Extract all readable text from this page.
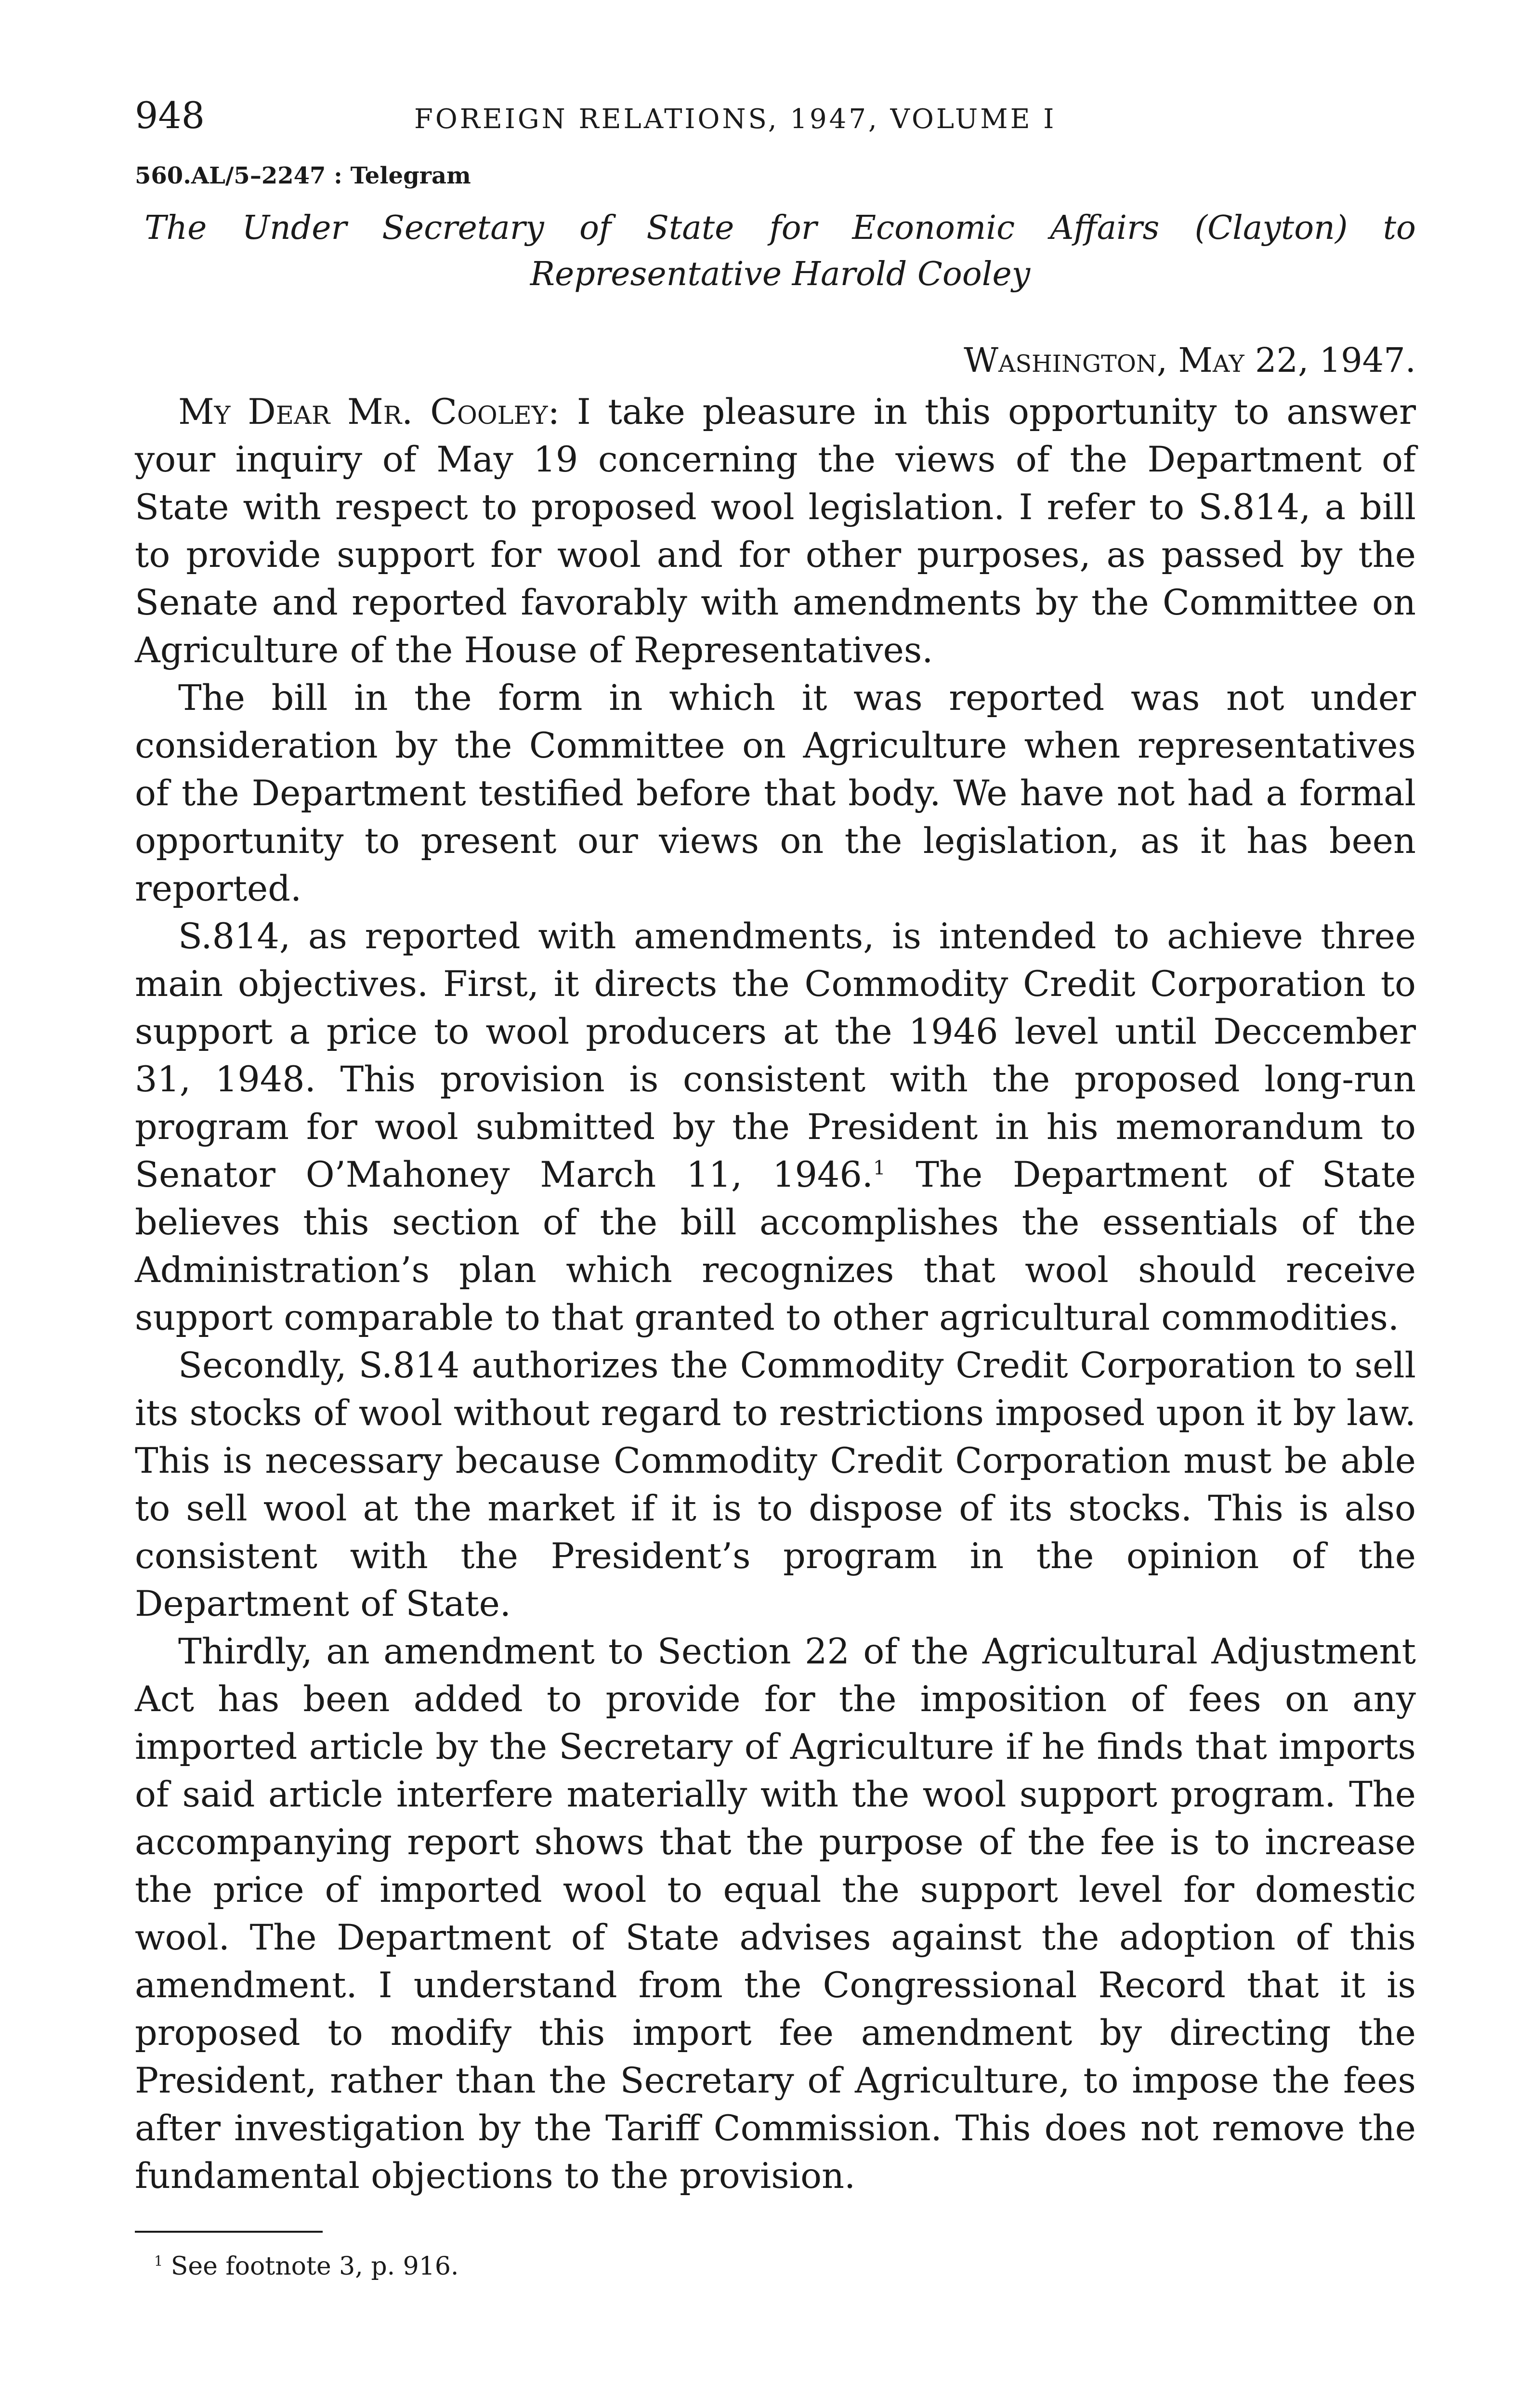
948	FOREIGN RELATIONS, 1947, VOLUME I
560.AL/5–2247 : Telegram
The Under Secretary of State for Economic Affairs (Clayton) to
Representative Harold Cooley
Washington, May 22, 1947.

My Dear Mr. Cooley: I take pleasure in this opportunity to answer your inquiry of May 19 concerning the views of the Department of State with respect to proposed wool legislation. I refer to S.814, a bill to provide support for wool and for other purposes, as passed by the Senate and reported favorably with amendments by the Committee on Agriculture of the House of Representatives.

The bill in the form in which it was reported was not under consideration by the Committee on Agriculture when representatives of the Department testified before that body. We have not had a formal opportunity to present our views on the legislation, as it has been reported.

S.814, as reported with amendments, is intended to achieve three main objectives. First, it directs the Commodity Credit Corporation to support a price to wool producers at the 1946 level until Deccember 31, 1948. This provision is consistent with the proposed long-run program for wool submitted by the President in his memorandum to Senator O’Mahoney March 11, 1946.$^1$ The Department of State believes this section of the bill accomplishes the essentials of the Administration’s plan which recognizes that wool should receive support comparable to that granted to other agricultural commodities.

Secondly, S.814 authorizes the Commodity Credit Corporation to sell its stocks of wool without regard to restrictions imposed upon it by law. This is necessary because Commodity Credit Corporation must be able to sell wool at the market if it is to dispose of its stocks. This is also consistent with the President’s program in the opinion of the Department of State.

Thirdly, an amendment to Section 22 of the Agricultural Adjustment Act has been added to provide for the imposition of fees on any imported article by the Secretary of Agriculture if he finds that imports of said article interfere materially with the wool support program. The accompanying report shows that the purpose of the fee is to increase the price of imported wool to equal the support level for domestic wool. The Department of State advises against the adoption of this amendment. I understand from the Congressional Record that it is proposed to modify this import fee amendment by directing the President, rather than the Secretary of Agriculture, to impose the fees after investigation by the Tariff Commission. This does not remove the fundamental objections to the provision.

$^1$ See footnote 3, p. 916.
